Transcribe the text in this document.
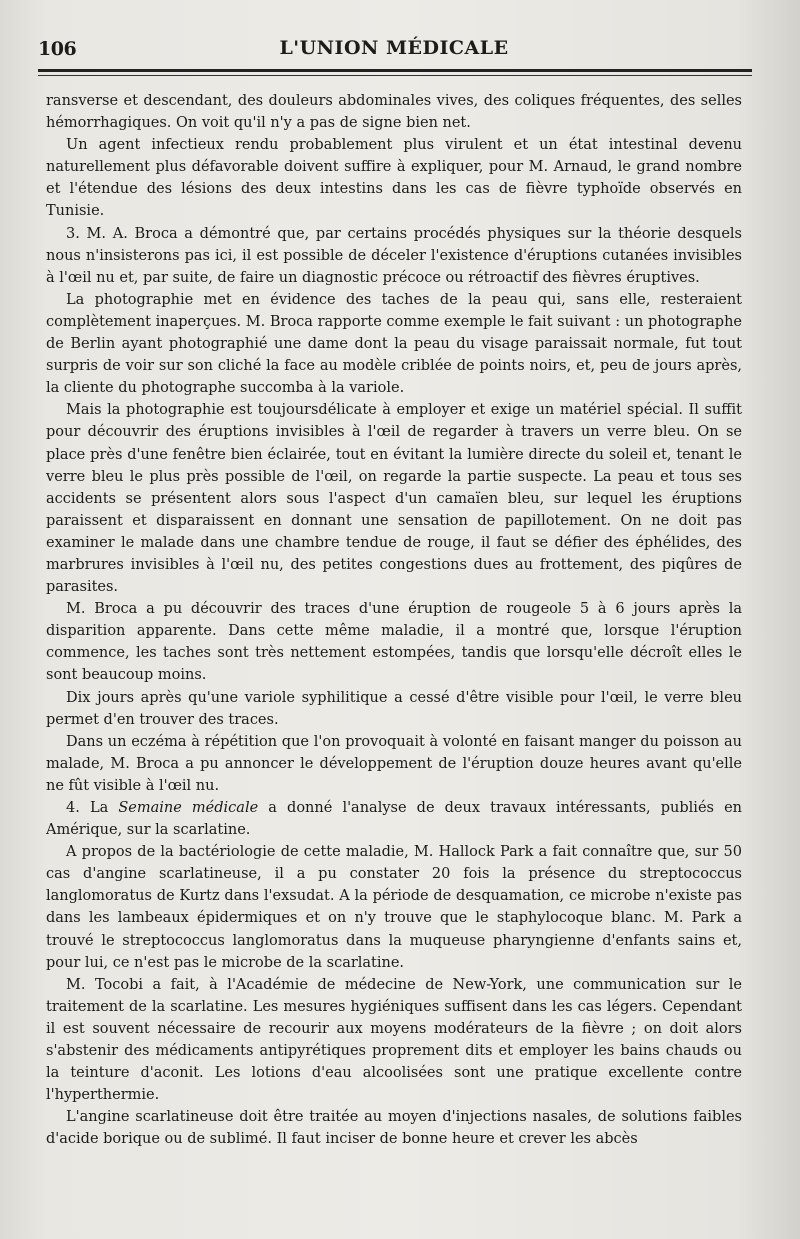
106	L'UNION MÉDICALE

ransverse et descendant, des douleurs abdominales vives, des coliques fréquentes, des selles hémorrhagiques. On voit qu'il n'y a pas de signe bien net.

Un agent infectieux rendu probablement plus virulent et un état intestinal devenu naturellement plus défavorable doivent suffire à expliquer, pour M. Arnaud, le grand nombre et l'étendue des lésions des deux intestins dans les cas de fièvre typhoïde observés en Tunisie.

3. M. A. Broca a démontré que, par certains procédés physiques sur la théorie desquels nous n'insisterons pas ici, il est possible de déceler l'existence d'éruptions cutanées invisibles à l'œil nu et, par suite, de faire un diagnostic précoce ou rétroactif des fièvres éruptives.

La photographie met en évidence des taches de la peau qui, sans elle, resteraient complètement inaperçues. M. Broca rapporte comme exemple le fait suivant : un photographe de Berlin ayant photographié une dame dont la peau du visage paraissait normale, fut tout surpris de voir sur son cliché la face au modèle criblée de points noirs, et, peu de jours après, la cliente du photographe succomba à la variole.

Mais la photographie est toujoursdélicate à employer et exige un matériel spécial. Il suffit pour découvrir des éruptions invisibles à l'œil de regarder à travers un verre bleu. On se place près d'une fenêtre bien éclairée, tout en évitant la lumière directe du soleil et, tenant le verre bleu le plus près possible de l'œil, on regarde la partie suspecte. La peau et tous ses accidents se présentent alors sous l'aspect d'un camaïen bleu, sur lequel les éruptions paraissent et disparaissent en donnant une sensation de papillotement. On ne doit pas examiner le malade dans une chambre tendue de rouge, il faut se défier des éphélides, des marbrures invisibles à l'œil nu, des petites congestions dues au frottement, des piqûres de parasites.

M. Broca a pu découvrir des traces d'une éruption de rougeole 5 à 6 jours après la disparition apparente. Dans cette même maladie, il a montré que, lorsque l'éruption commence, les taches sont très nettement estompées, tandis que lorsqu'elle décroît elles le sont beaucoup moins.

Dix jours après qu'une variole syphilitique a cessé d'être visible pour l'œil, le verre bleu permet d'en trouver des traces.

Dans un eczéma à répétition que l'on provoquait à volonté en faisant manger du poisson au malade, M. Broca a pu annoncer le développement de l'éruption douze heures avant qu'elle ne fût visible à l'œil nu.

4. La Semaine médicale a donné l'analyse de deux travaux intéressants, publiés en Amérique, sur la scarlatine.

A propos de la bactériologie de cette maladie, M. Hallock Park a fait connaître que, sur 50 cas d'angine scarlatineuse, il a pu constater 20 fois la présence du streptococcus langlomoratus de Kurtz dans l'exsudat. A la période de desquamation, ce microbe n'existe pas dans les lambeaux épidermiques et on n'y trouve que le staphylocoque blanc. M. Park a trouvé le streptococcus langlomoratus dans la muqueuse pharyngienne d'enfants sains et, pour lui, ce n'est pas le microbe de la scarlatine.

M. Tocobi a fait, à l'Académie de médecine de New-York, une communication sur le traitement de la scarlatine. Les mesures hygiéniques suffisent dans les cas légers. Cependant il est souvent nécessaire de recourir aux moyens modérateurs de la fièvre ; on doit alors s'abstenir des médicaments antipyrétiques proprement dits et employer les bains chauds ou la teinture d'aconit. Les lotions d'eau alcoolisées sont une pratique excellente contre l'hyperthermie.

L'angine scarlatineuse doit être traitée au moyen d'injections nasales, de solutions faibles d'acide borique ou de sublimé. Il faut inciser de bonne heure et crever les abcès
